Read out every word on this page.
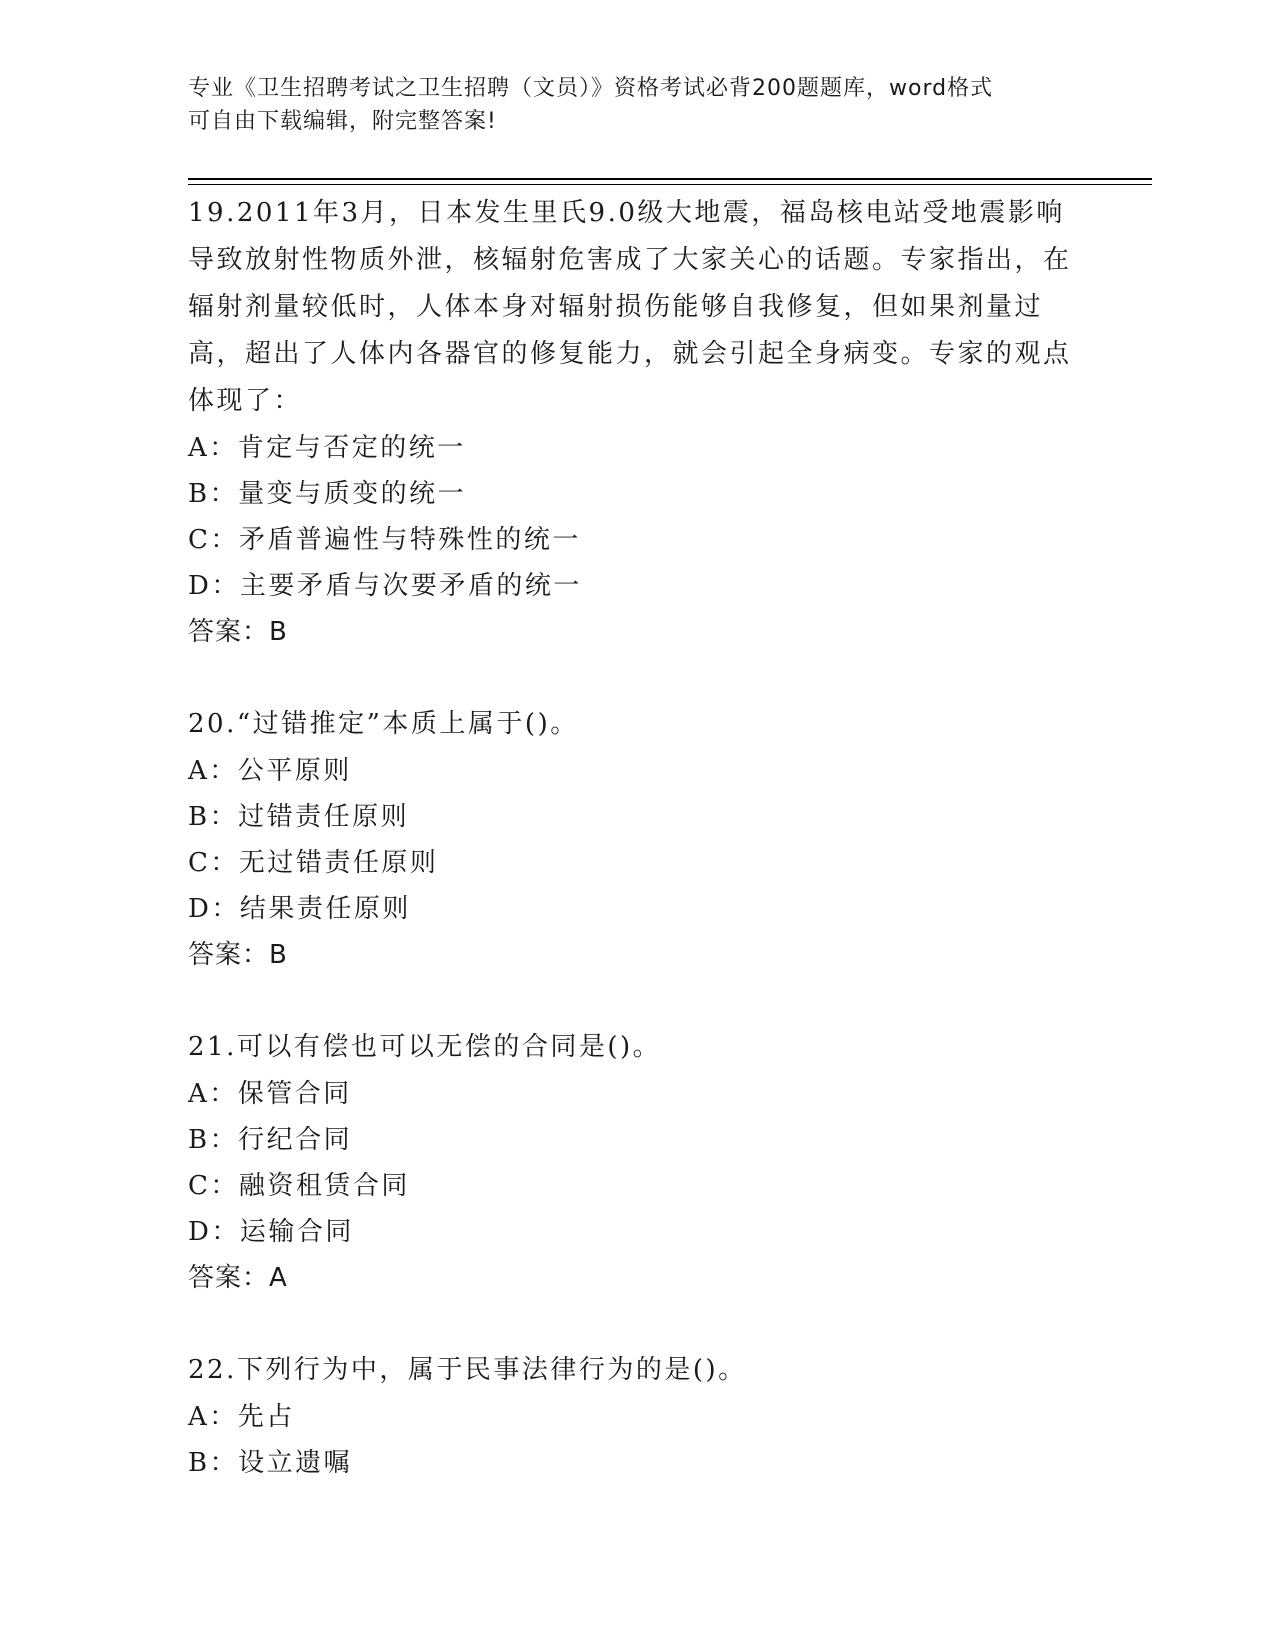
专业《卫生招聘考试之卫生招聘（文员）》资格考试必背200题题库，word格式
可自由下载编辑，附完整答案!

19.2011年3月，日本发生里氏9.0级大地震，福岛核电站受地震影响导致放射性物质外泄，核辐射危害成了大家关心的话题。专家指出，在辐射剂量较低时，人体本身对辐射损伤能够自我修复，但如果剂量过高，超出了人体内各器官的修复能力，就会引起全身病变。专家的观点体现了：

A：肯定与否定的统一

B：量变与质变的统一

C：矛盾普遍性与特殊性的统一

D：主要矛盾与次要矛盾的统一

答案：B

20.“过错推定”本质上属于()。

A：公平原则

B：过错责任原则

C：无过错责任原则

D：结果责任原则

答案：B

21.可以有偿也可以无偿的合同是()。

A：保管合同

B：行纪合同

C：融资租赁合同

D：运输合同

答案：A

22.下列行为中，属于民事法律行为的是()。

A：先占

B：设立遗嘱
